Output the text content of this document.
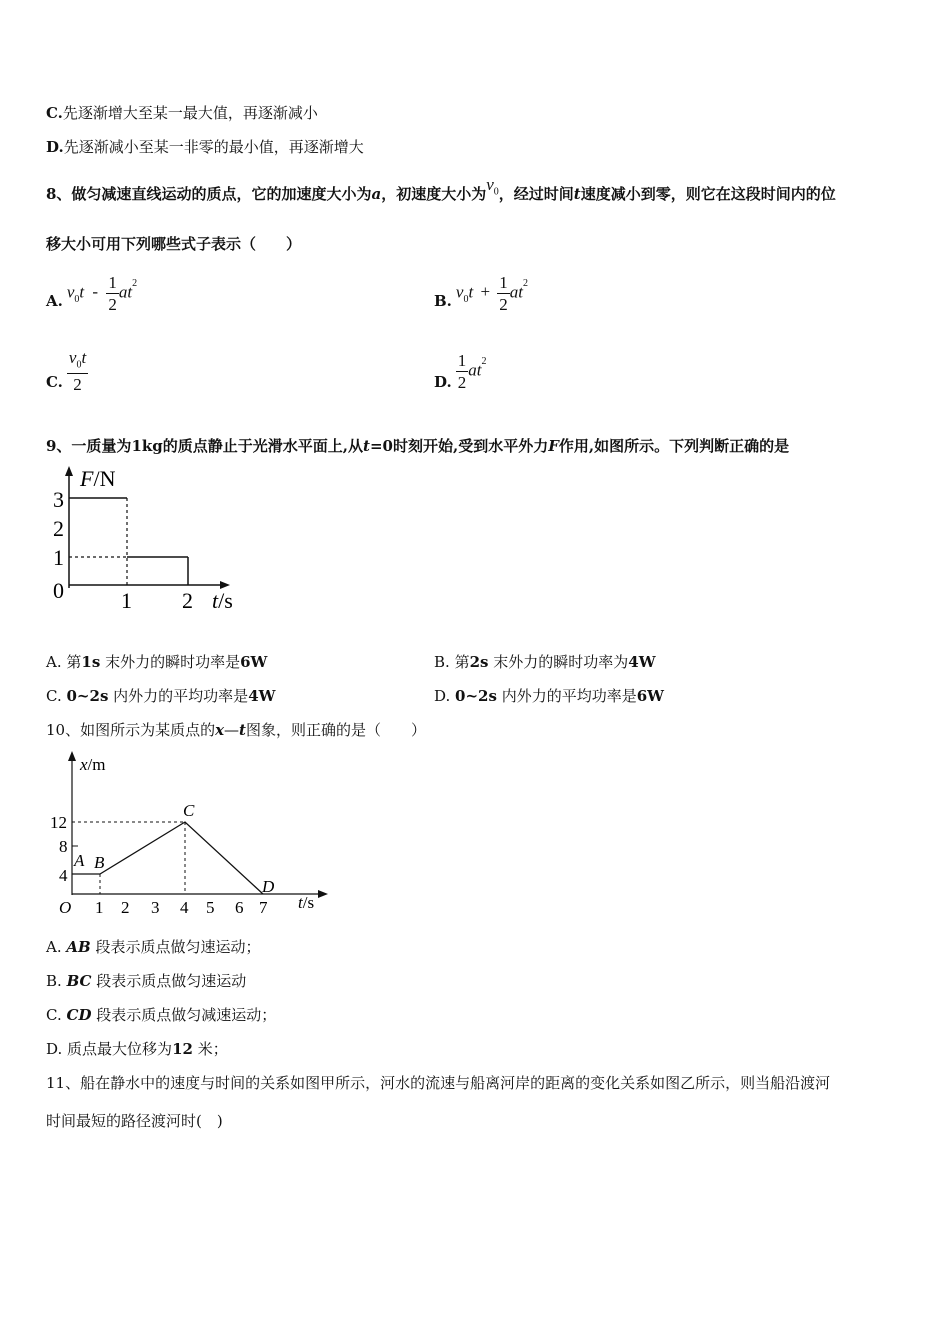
C.先逐渐增大至某一最大值，再逐渐减小
D.先逐渐减小至某一非零的最小值，再逐渐增大
8、做匀减速直线运动的质点，它的加速度大小为a，初速度大小为$v_0$，经过时间t速度减小到零，则它在这段时间内的位
移大小可用下列哪些式子表示（　　）
A.
$v_0t - \frac{1}{2} at^2$
B.
$v_0t + \frac{1}{2} at^2$
C. $\frac{v_0t}{2}$	D. $\frac{1}{2} at^2$
9、一质量为1kg的质点静止于光滑水平面上,从t=0时刻开始,受到水平外力F作用,如图所示。下列判断正确的是
F/N
3
2
1
0	1 2 t/s
A. 第1s 末外力的瞬时功率是6W	B. 第2s 末外力的瞬时功率为4W
C. 0~2s 内外力的平均功率是4W	D. 0~2s 内外力的平均功率是6W
10、如图所示为某质点的x—t图象，则正确的是（　　）
x/m
12
8
4
O 1 2 3 4 5 6 7 t/s
A B
C
D
A. AB 段表示质点做匀速运动；
B. BC 段表示质点做匀速运动
C. CD 段表示质点做匀减速运动；
D. 质点最大位移为12 米；
11、船在静水中的速度与时间的关系如图甲所示，河水的流速与船离河岸的距离的变化关系如图乙所示，则当船沿渡河
时间最短的路径渡河时(　)
